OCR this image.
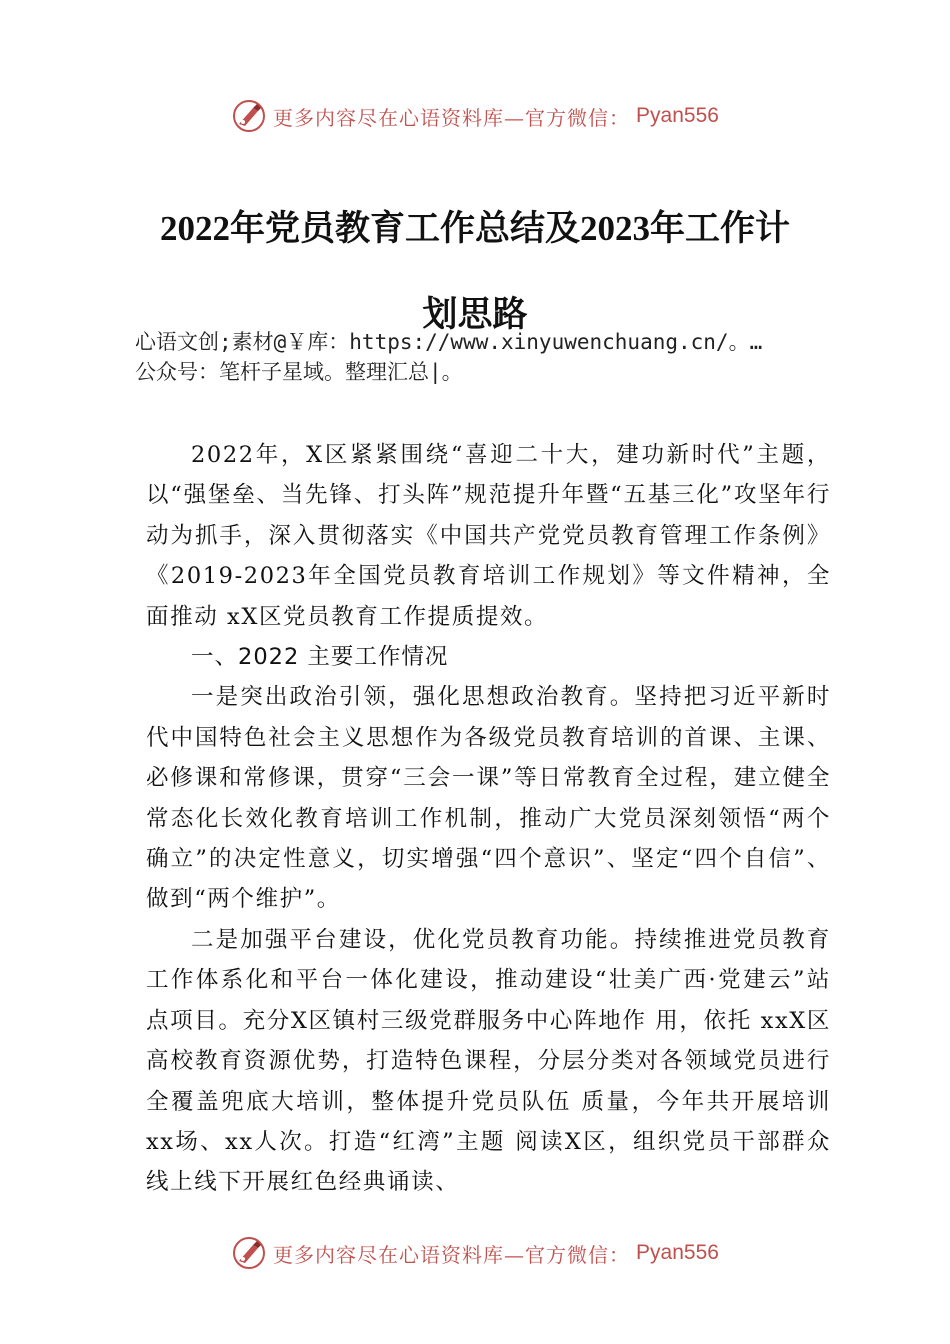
更多内容尽在心语资料库—官方微信： Pyan556
2022年党员教育工作总结及2023年工作计
划思路
心语文创;素材@￥库：https://www.xinyuwenchuang.cn/。…
公众号：笔杆子星域。整理汇总|。

2022年，X区紧紧围绕“喜迎二十大，建功新时代”主题，以“强堡垒、当先锋、打头阵”规范提升年暨“五基三化”攻坚年行动为抓手，深入贯彻落实《中国共产党党员教育管理工作条例》《2019-2023年全国党员教育培训工作规划》等文件精神，全面推动 xX区党员教育工作提质提效。

一、2022 主要工作情况

一是突出政治引领，强化思想政治教育。坚持把习近平新时代中国特色社会主义思想作为各级党员教育培训的首课、主课、必修课和常修课，贯穿“三会一课”等日常教育全过程，建立健全常态化长效化教育培训工作机制，推动广大党员深刻领悟“两个确立”的决定性意义，切实增强“四个意识”、坚定“四个自信”、做到“两个维护”。

二是加强平台建设，优化党员教育功能。持续推进党员教育工作体系化和平台一体化建设，推动建设“壮美广西·党建云”站点项目。充分X区镇村三级党群服务中心阵地作 用，依托 xxX区高校教育资源优势，打造特色课程，分层分类对各领域党员进行全覆盖兜底大培训，整体提升党员队伍 质量，今年共开展培训 xx场、xx人次。打造“红湾”主题 阅读X区，组织党员干部群众线上线下开展红色经典诵读、

更多内容尽在心语资料库—官方微信： Pyan556
